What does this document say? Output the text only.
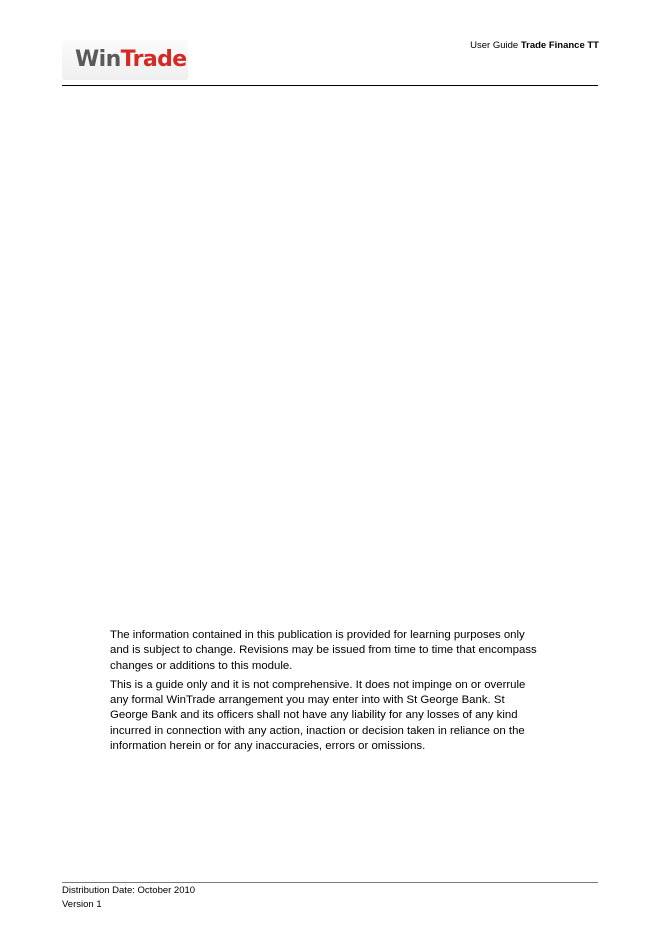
WinTrade
User Guide Trade Finance TT

The information contained in this publication is provided for learning purposes only and is subject to change. Revisions may be issued from time to time that encompass changes or additions to this module.

This is a guide only and it is not comprehensive. It does not impinge on or overrule any formal WinTrade arrangement you may enter into with St George Bank. St George Bank and its officers shall not have any liability for any losses of any kind incurred in connection with any action, inaction or decision taken in reliance on the information herein or for any inaccuracies, errors or omissions.

Distribution Date: October 2010
Version 1
